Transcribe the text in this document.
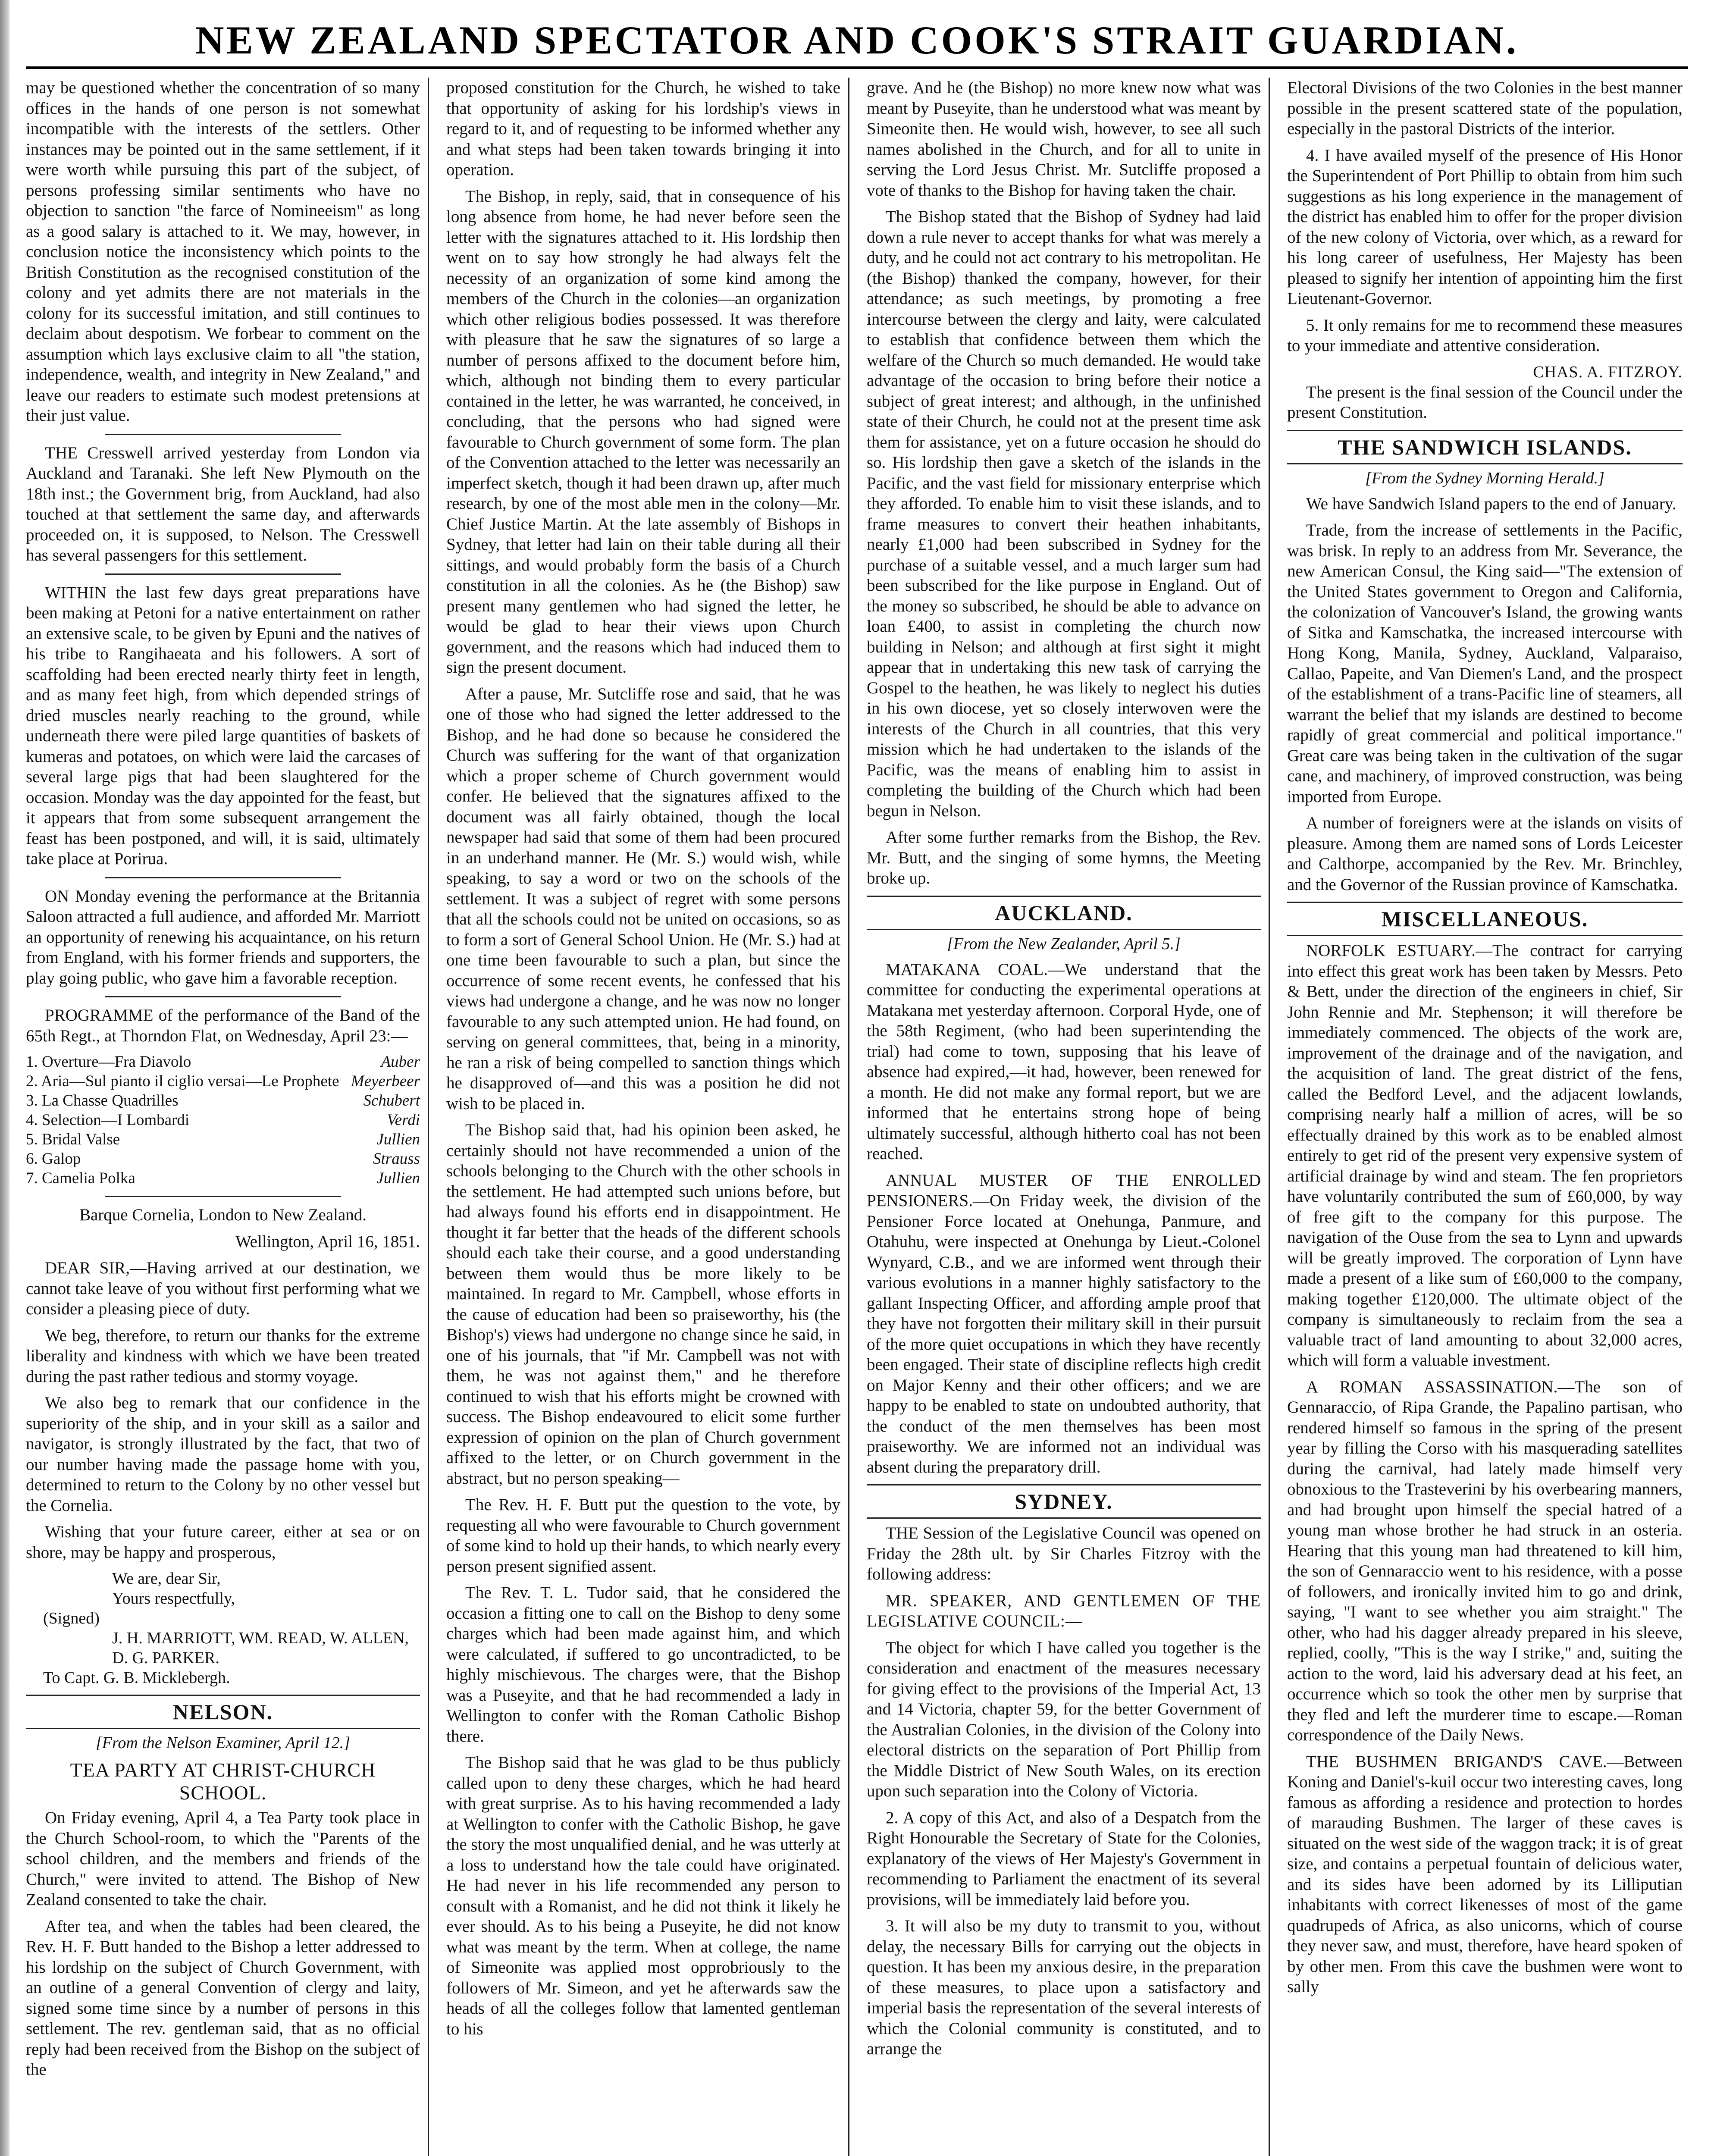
NEW ZEALAND SPECTATOR AND COOK'S STRAIT GUARDIAN.

may be questioned whether the concentration of so many offices in the hands of one person is not somewhat incompatible with the interests of the settlers. Other instances may be pointed out in the same settlement, if it were worth while pursuing this part of the subject, of persons professing similar sentiments who have no objection to sanction "the farce of Nomineeism" as long as a good salary is attached to it. We may, however, in conclusion notice the inconsistency which points to the British Constitution as the recognised constitution of the colony and yet admits there are not materials in the colony for its successful imitation, and still continues to declaim about despotism. We forbear to comment on the assumption which lays exclusive claim to all "the station, independence, wealth, and integrity in New Zealand," and leave our readers to estimate such modest pretensions at their just value.

THE Cresswell arrived yesterday from London via Auckland and Taranaki. She left New Plymouth on the 18th inst.; the Government brig, from Auckland, had also touched at that settlement the same day, and afterwards proceeded on, it is supposed, to Nelson. The Cresswell has several passengers for this settlement.

WITHIN the last few days great preparations have been making at Petoni for a native entertainment on rather an extensive scale, to be given by Epuni and the natives of his tribe to Rangihaeata and his followers. A sort of scaffolding had been erected nearly thirty feet in length, and as many feet high, from which depended strings of dried muscles nearly reaching to the ground, while underneath there were piled large quantities of baskets of kumeras and potatoes, on which were laid the carcases of several large pigs that had been slaughtered for the occasion. Monday was the day appointed for the feast, but it appears that from some subsequent arrangement the feast has been postponed, and will, it is said, ultimately take place at Porirua.

ON Monday evening the performance at the Britannia Saloon attracted a full audience, and afforded Mr. Marriott an opportunity of renewing his acquaintance, on his return from England, with his former friends and supporters, the play going public, who gave him a favorable reception.

PROGRAMME of the performance of the Band of the 65th Regt., at Thorndon Flat, on Wednesday, April 23:—

1. Overture—Fra Diavolo	Auber
2. Aria—Sul pianto il ciglio versai—Le Prophete Meyerbeer
3. La Chasse Quadrilles	Schubert
4. Selection—I Lombardi	Verdi
5. Bridal Valse	Jullien
6. Galop	Strauss
7. Camelia Polka	Jullien

Barque Cornelia, London to New Zealand.

Wellington, April 16, 1851.

DEAR SIR,—Having arrived at our destination, we cannot take leave of you without first performing what we consider a pleasing piece of duty.

We beg, therefore, to return our thanks for the extreme liberality and kindness with which we have been treated during the past rather tedious and stormy voyage.

We also beg to remark that our confidence in the superiority of the ship, and in your skill as a sailor and navigator, is strongly illustrated by the fact, that two of our number having made the passage home with you, determined to return to the Colony by no other vessel but the Cornelia.

Wishing that your future career, either at sea or on shore, may be happy and prosperous,

We are, dear Sir,
Yours respectfully,
(Signed)
J. H. MARRIOTT, WM. READ, W. ALLEN, D. G. PARKER.
To Capt. G. B. Micklebergh.
NELSON.
[From the Nelson Examiner, April 12.]
TEA PARTY AT CHRIST-CHURCH SCHOOL.

On Friday evening, April 4, a Tea Party took place in the Church School-room, to which the "Parents of the school children, and the members and friends of the Church," were invited to attend. The Bishop of New Zealand consented to take the chair.

After tea, and when the tables had been cleared, the Rev. H. F. Butt handed to the Bishop a letter addressed to his lordship on the subject of Church Government, with an outline of a general Convention of clergy and laity, signed some time since by a number of persons in this settlement. The rev. gentleman said, that as no official reply had been received from the Bishop on the subject of the

proposed constitution for the Church, he wished to take that opportunity of asking for his lordship's views in regard to it, and of requesting to be informed whether any and what steps had been taken towards bringing it into operation.

The Bishop, in reply, said, that in consequence of his long absence from home, he had never before seen the letter with the signatures attached to it. His lordship then went on to say how strongly he had always felt the necessity of an organization of some kind among the members of the Church in the colonies—an organization which other religious bodies possessed. It was therefore with pleasure that he saw the signatures of so large a number of persons affixed to the document before him, which, although not binding them to every particular contained in the letter, he was warranted, he conceived, in concluding, that the persons who had signed were favourable to Church government of some form. The plan of the Convention attached to the letter was necessarily an imperfect sketch, though it had been drawn up, after much research, by one of the most able men in the colony—Mr. Chief Justice Martin. At the late assembly of Bishops in Sydney, that letter had lain on their table during all their sittings, and would probably form the basis of a Church constitution in all the colonies. As he (the Bishop) saw present many gentlemen who had signed the letter, he would be glad to hear their views upon Church government, and the reasons which had induced them to sign the present document.

After a pause, Mr. Sutcliffe rose and said, that he was one of those who had signed the letter addressed to the Bishop, and he had done so because he considered the Church was suffering for the want of that organization which a proper scheme of Church government would confer. He believed that the signatures affixed to the document was all fairly obtained, though the local newspaper had said that some of them had been procured in an underhand manner. He (Mr. S.) would wish, while speaking, to say a word or two on the schools of the settlement. It was a subject of regret with some persons that all the schools could not be united on occasions, so as to form a sort of General School Union. He (Mr. S.) had at one time been favourable to such a plan, but since the occurrence of some recent events, he confessed that his views had undergone a change, and he was now no longer favourable to any such attempted union. He had found, on serving on general committees, that, being in a minority, he ran a risk of being compelled to sanction things which he disapproved of—and this was a position he did not wish to be placed in.

The Bishop said that, had his opinion been asked, he certainly should not have recommended a union of the schools belonging to the Church with the other schools in the settlement. He had attempted such unions before, but had always found his efforts end in disappointment. He thought it far better that the heads of the different schools should each take their course, and a good understanding between them would thus be more likely to be maintained. In regard to Mr. Campbell, whose efforts in the cause of education had been so praiseworthy, his (the Bishop's) views had undergone no change since he said, in one of his journals, that "if Mr. Campbell was not with them, he was not against them," and he therefore continued to wish that his efforts might be crowned with success. The Bishop endeavoured to elicit some further expression of opinion on the plan of Church government affixed to the letter, or on Church government in the abstract, but no person speaking—

The Rev. H. F. Butt put the question to the vote, by requesting all who were favourable to Church government of some kind to hold up their hands, to which nearly every person present signified assent.

The Rev. T. L. Tudor said, that he considered the occasion a fitting one to call on the Bishop to deny some charges which had been made against him, and which were calculated, if suffered to go uncontradicted, to be highly mischievous. The charges were, that the Bishop was a Puseyite, and that he had recommended a lady in Wellington to confer with the Roman Catholic Bishop there.

The Bishop said that he was glad to be thus publicly called upon to deny these charges, which he had heard with great surprise. As to his having recommended a lady at Wellington to confer with the Catholic Bishop, he gave the story the most unqualified denial, and he was utterly at a loss to understand how the tale could have originated. He had never in his life recommended any person to consult with a Romanist, and he did not think it likely he ever should. As to his being a Puseyite, he did not know what was meant by the term. When at college, the name of Simeonite was applied most opprobriously to the followers of Mr. Simeon, and yet he afterwards saw the heads of all the colleges follow that lamented gentleman to his

grave. And he (the Bishop) no more knew now what was meant by Puseyite, than he understood what was meant by Simeonite then. He would wish, however, to see all such names abolished in the Church, and for all to unite in serving the Lord Jesus Christ. Mr. Sutcliffe proposed a vote of thanks to the Bishop for having taken the chair.

The Bishop stated that the Bishop of Sydney had laid down a rule never to accept thanks for what was merely a duty, and he could not act contrary to his metropolitan. He (the Bishop) thanked the company, however, for their attendance; as such meetings, by promoting a free intercourse between the clergy and laity, were calculated to establish that confidence between them which the welfare of the Church so much demanded. He would take advantage of the occasion to bring before their notice a subject of great interest; and although, in the unfinished state of their Church, he could not at the present time ask them for assistance, yet on a future occasion he should do so. His lordship then gave a sketch of the islands in the Pacific, and the vast field for missionary enterprise which they afforded. To enable him to visit these islands, and to frame measures to convert their heathen inhabitants, nearly £1,000 had been subscribed in Sydney for the purchase of a suitable vessel, and a much larger sum had been subscribed for the like purpose in England. Out of the money so subscribed, he should be able to advance on loan £400, to assist in completing the church now building in Nelson; and although at first sight it might appear that in undertaking this new task of carrying the Gospel to the heathen, he was likely to neglect his duties in his own diocese, yet so closely interwoven were the interests of the Church in all countries, that this very mission which he had undertaken to the islands of the Pacific, was the means of enabling him to assist in completing the building of the Church which had been begun in Nelson.

After some further remarks from the Bishop, the Rev. Mr. Butt, and the singing of some hymns, the Meeting broke up.

AUCKLAND.
[From the New Zealander, April 5.]

MATAKANA COAL.—We understand that the committee for conducting the experimental operations at Matakana met yesterday afternoon. Corporal Hyde, one of the 58th Regiment, (who had been superintending the trial) had come to town, supposing that his leave of absence had expired,—it had, however, been renewed for a month. He did not make any formal report, but we are informed that he entertains strong hope of being ultimately successful, although hitherto coal has not been reached.

ANNUAL MUSTER OF THE ENROLLED PENSIONERS.—On Friday week, the division of the Pensioner Force located at Onehunga, Panmure, and Otahuhu, were inspected at Onehunga by Lieut.-Colonel Wynyard, C.B., and we are informed went through their various evolutions in a manner highly satisfactory to the gallant Inspecting Officer, and affording ample proof that they have not forgotten their military skill in their pursuit of the more quiet occupations in which they have recently been engaged. Their state of discipline reflects high credit on Major Kenny and their other officers; and we are happy to be enabled to state on undoubted authority, that the conduct of the men themselves has been most praiseworthy. We are informed not an individual was absent during the preparatory drill.

SYDNEY.

THE Session of the Legislative Council was opened on Friday the 28th ult. by Sir Charles Fitzroy with the following address:

MR. SPEAKER, AND GENTLEMEN OF THE LEGISLATIVE COUNCIL:—

The object for which I have called you together is the consideration and enactment of the measures necessary for giving effect to the provisions of the Imperial Act, 13 and 14 Victoria, chapter 59, for the better Government of the Australian Colonies, in the division of the Colony into electoral districts on the separation of Port Phillip from the Middle District of New South Wales, on its erection upon such separation into the Colony of Victoria.

2. A copy of this Act, and also of a Despatch from the Right Honourable the Secretary of State for the Colonies, explanatory of the views of Her Majesty's Government in recommending to Parliament the enactment of its several provisions, will be immediately laid before you.

3. It will also be my duty to transmit to you, without delay, the necessary Bills for carrying out the objects in question. It has been my anxious desire, in the preparation of these measures, to place upon a satisfactory and imperial basis the representation of the several interests of which the Colonial community is constituted, and to arrange the

Electoral Divisions of the two Colonies in the best manner possible in the present scattered state of the population, especially in the pastoral Districts of the interior.

4. I have availed myself of the presence of His Honor the Superintendent of Port Phillip to obtain from him such suggestions as his long experience in the management of the district has enabled him to offer for the proper division of the new colony of Victoria, over which, as a reward for his long career of usefulness, Her Majesty has been pleased to signify her intention of appointing him the first Lieutenant-Governor.

5. It only remains for me to recommend these measures to your immediate and attentive consideration.

CHAS. A. FITZROY.

The present is the final session of the Council under the present Constitution.

THE SANDWICH ISLANDS.
[From the Sydney Morning Herald.]

We have Sandwich Island papers to the end of January.

Trade, from the increase of settlements in the Pacific, was brisk. In reply to an address from Mr. Severance, the new American Consul, the King said—"The extension of the United States government to Oregon and California, the colonization of Vancouver's Island, the growing wants of Sitka and Kamschatka, the increased intercourse with Hong Kong, Manila, Sydney, Auckland, Valparaiso, Callao, Papeite, and Van Diemen's Land, and the prospect of the establishment of a trans-Pacific line of steamers, all warrant the belief that my islands are destined to become rapidly of great commercial and political importance." Great care was being taken in the cultivation of the sugar cane, and machinery, of improved construction, was being imported from Europe.

A number of foreigners were at the islands on visits of pleasure. Among them are named sons of Lords Leicester and Calthorpe, accompanied by the Rev. Mr. Brinchley, and the Governor of the Russian province of Kamschatka.

MISCELLANEOUS.

NORFOLK ESTUARY.—The contract for carrying into effect this great work has been taken by Messrs. Peto & Bett, under the direction of the engineers in chief, Sir John Rennie and Mr. Stephenson; it will therefore be immediately commenced. The objects of the work are, improvement of the drainage and of the navigation, and the acquisition of land. The great district of the fens, called the Bedford Level, and the adjacent lowlands, comprising nearly half a million of acres, will be so effectually drained by this work as to be enabled almost entirely to get rid of the present very expensive system of artificial drainage by wind and steam. The fen proprietors have voluntarily contributed the sum of £60,000, by way of free gift to the company for this purpose. The navigation of the Ouse from the sea to Lynn and upwards will be greatly improved. The corporation of Lynn have made a present of a like sum of £60,000 to the company, making together £120,000. The ultimate object of the company is simultaneously to reclaim from the sea a valuable tract of land amounting to about 32,000 acres, which will form a valuable investment.

A ROMAN ASSASSINATION.—The son of Gennaraccio, of Ripa Grande, the Papalino partisan, who rendered himself so famous in the spring of the present year by filling the Corso with his masquerading satellites during the carnival, had lately made himself very obnoxious to the Trasteverini by his overbearing manners, and had brought upon himself the special hatred of a young man whose brother he had struck in an osteria. Hearing that this young man had threatened to kill him, the son of Gennaraccio went to his residence, with a posse of followers, and ironically invited him to go and drink, saying, "I want to see whether you aim straight." The other, who had his dagger already prepared in his sleeve, replied, coolly, "This is the way I strike," and, suiting the action to the word, laid his adversary dead at his feet, an occurrence which so took the other men by surprise that they fled and left the murderer time to escape.—Roman correspondence of the Daily News.

THE BUSHMEN BRIGAND'S CAVE.—Between Koning and Daniel's-kuil occur two interesting caves, long famous as affording a residence and protection to hordes of marauding Bushmen. The larger of these caves is situated on the west side of the waggon track; it is of great size, and contains a perpetual fountain of delicious water, and its sides have been adorned by its Lilliputian inhabitants with correct likenesses of most of the game quadrupeds of Africa, as also unicorns, which of course they never saw, and must, therefore, have heard spoken of by other men. From this cave the bushmen were wont to sally
